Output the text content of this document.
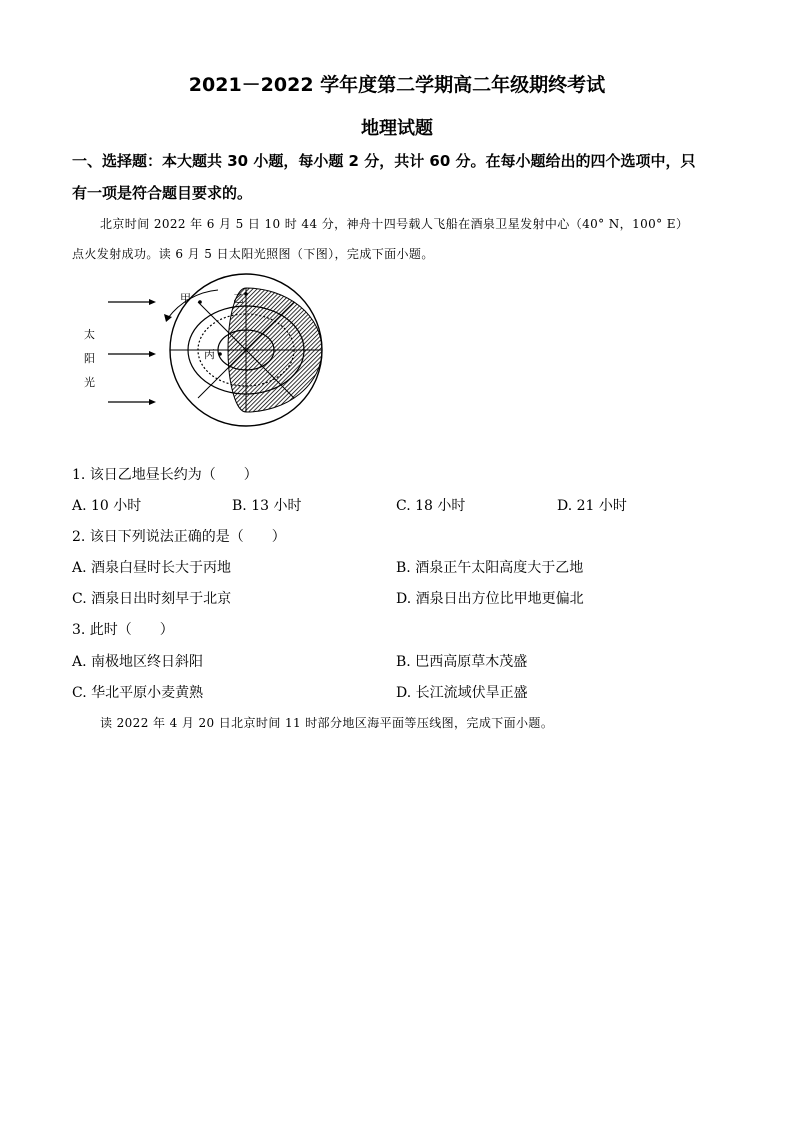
2021－2022 学年度第二学期高二年级期终考试
地理试题
一、选择题：本大题共 30 小题，每小题 2 分，共计 60 分。在每小题给出的四个选项中，只
有一项是符合题目要求的。
北京时间 2022 年 6 月 5 日 10 时 44 分，神舟十四号载人飞船在酒泉卫星发射中心（40° N，100° E）
点火发射成功。读 6 月 5 日太阳光照图（下图），完成下面小题。
甲	乙
丙
太
阳
光
1. 该日乙地昼长约为（　　）
A. 10 小时	B. 13 小时	C. 18 小时	D. 21 小时
2. 该日下列说法正确的是（　　）
A. 酒泉白昼时长大于丙地	B. 酒泉正午太阳高度大于乙地
C. 酒泉日出时刻早于北京	D. 酒泉日出方位比甲地更偏北
3. 此时（　　）
A. 南极地区终日斜阳	B. 巴西高原草木茂盛
C. 华北平原小麦黄熟	D. 长江流域伏旱正盛
读 2022 年 4 月 20 日北京时间 11 时部分地区海平面等压线图，完成下面小题。
